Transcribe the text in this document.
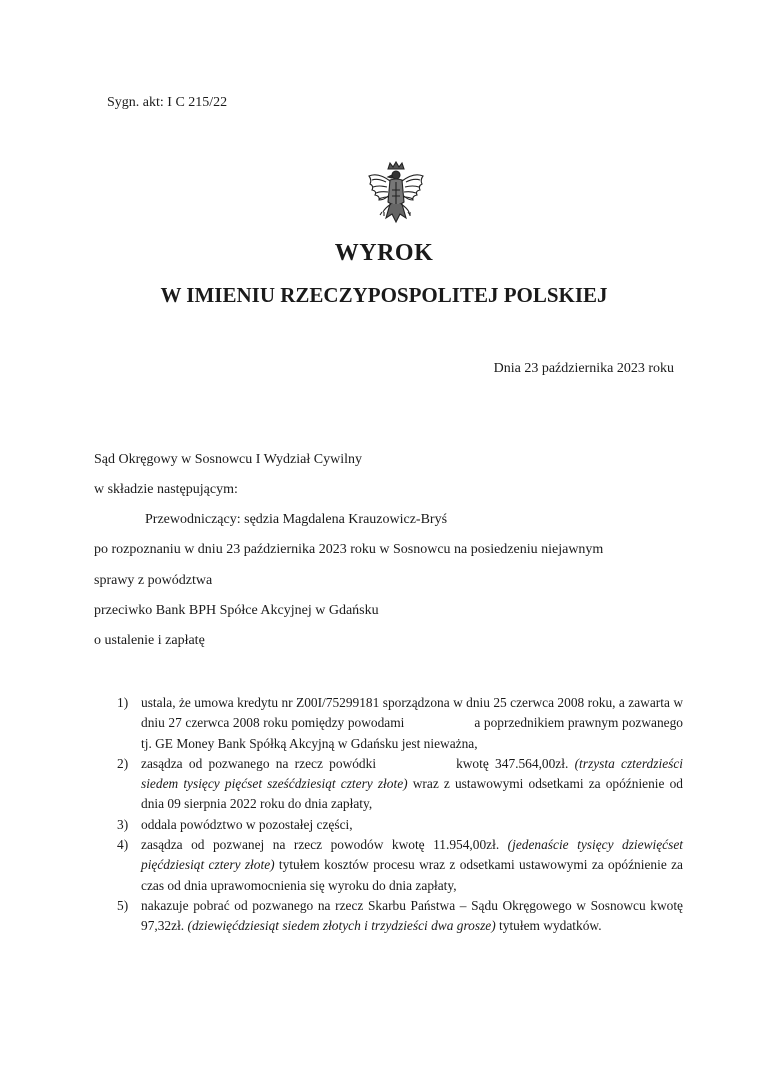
Sygn. akt: I C 215/22
WYROK
W IMIENIU RZECZYPOSPOLITEJ POLSKIEJ
Dnia 23 października 2023 roku
Sąd Okręgowy w Sosnowcu I Wydział Cywilny
w składzie następującym:
Przewodniczący: sędzia Magdalena Krauzowicz-Bryś
po rozpoznaniu w dniu 23 października 2023 roku w Sosnowcu na posiedzeniu niejawnym
sprawy z powództwa
przeciwko Bank BPH Spółce Akcyjnej w Gdańsku
o ustalenie i zapłatę
1) ustala, że umowa kredytu nr Z00I/75299181 sporządzona w dniu 25 czerwca 2008 roku, a zawarta w dniu 27 czerwca 2008 roku pomiędzy powodami	a poprzednikiem prawnym pozwanego tj. GE Money Bank Spółką Akcyjną w Gdańsku jest nieważna,
2) zasądza od pozwanego na rzecz powódki	kwotę 347.564,00zł. (trzysta czterdzieści siedem tysięcy pięćset sześćdziesiąt cztery złote) wraz z ustawowymi odsetkami za opóźnienie od dnia 09 sierpnia 2022 roku do dnia zapłaty,
3) oddala powództwo w pozostałej części,
4) zasądza od pozwanej na rzecz powodów kwotę 11.954,00zł. (jedenaście tysięcy dziewięćset pięćdziesiąt cztery złote) tytułem kosztów procesu wraz z odsetkami ustawowymi za opóźnienie za czas od dnia uprawomocnienia się wyroku do dnia zapłaty,
5) nakazuje pobrać od pozwanego na rzecz Skarbu Państwa – Sądu Okręgowego w Sosnowcu kwotę 97,32zł. (dziewięćdziesiąt siedem złotych i trzydzieści dwa grosze) tytułem wydatków.
